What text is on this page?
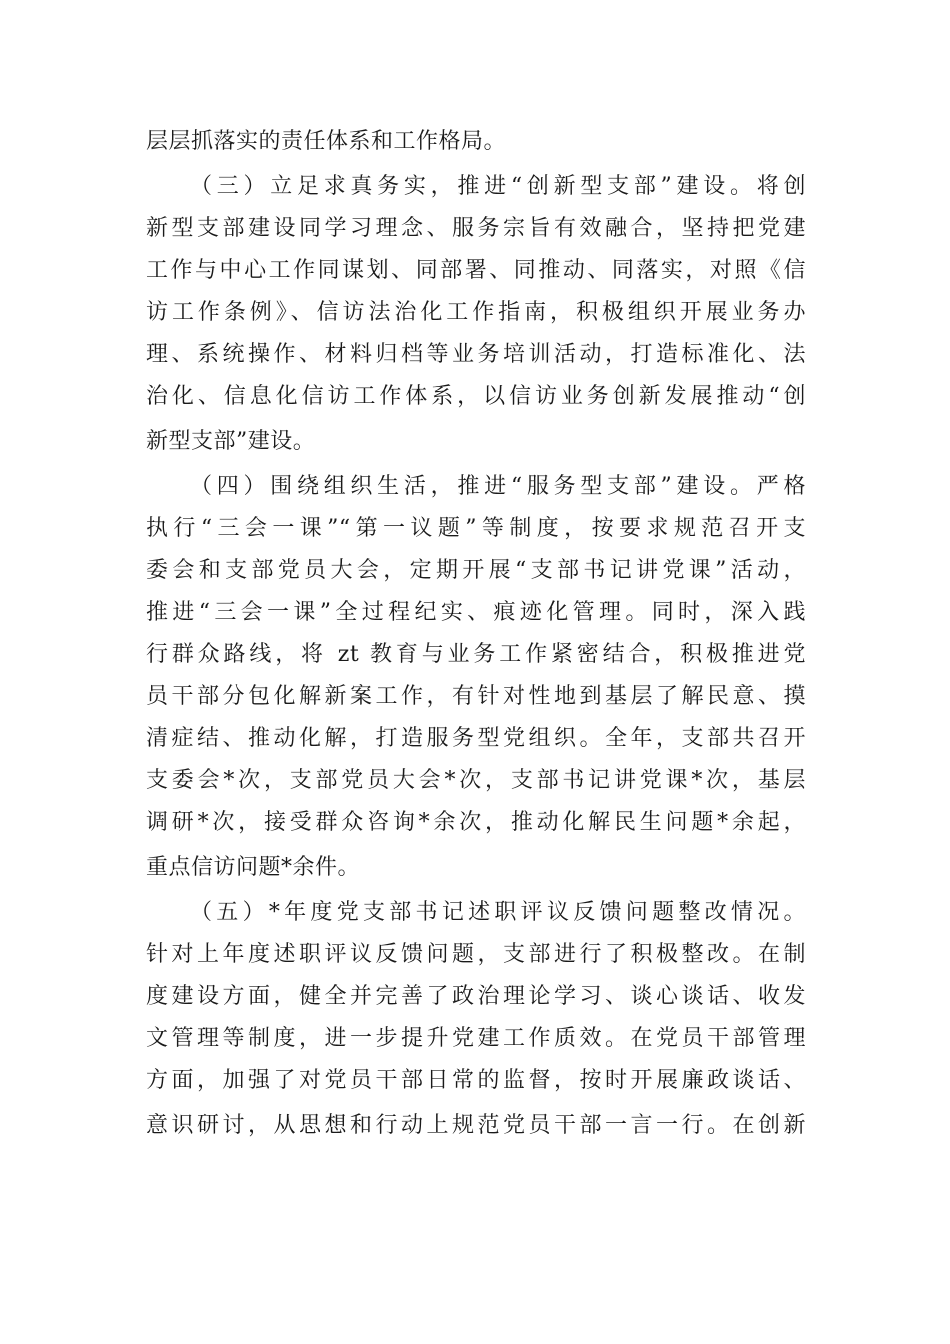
层层抓落实的责任体系和工作格局。
（三）立足求真务实，推进“创新型支部”建设。将创
新型支部建设同学习理念、服务宗旨有效融合，坚持把党建
工作与中心工作同谋划、同部署、同推动、同落实，对照《信
访工作条例》、信访法治化工作指南，积极组织开展业务办
理、系统操作、材料归档等业务培训活动，打造标准化、法
治化、信息化信访工作体系，以信访业务创新发展推动“创
新型支部”建设。
（四）围绕组织生活，推进“服务型支部”建设。严格
执行“三会一课”“第一议题”等制度，按要求规范召开支
委会和支部党员大会，定期开展“支部书记讲党课”活动，
推进“三会一课”全过程纪实、痕迹化管理。同时，深入践
行群众路线，将 zt 教育与业务工作紧密结合，积极推进党
员干部分包化解新案工作，有针对性地到基层了解民意、摸
清症结、推动化解，打造服务型党组织。全年，支部共召开
支委会*次，支部党员大会*次，支部书记讲党课*次，基层
调研*次，接受群众咨询*余次，推动化解民生问题*余起，
重点信访问题*余件。
（五）*年度党支部书记述职评议反馈问题整改情况。
针对上年度述职评议反馈问题，支部进行了积极整改。在制
度建设方面，健全并完善了政治理论学习、谈心谈话、收发
文管理等制度，进一步提升党建工作质效。在党员干部管理
方面，加强了对党员干部日常的监督，按时开展廉政谈话、
意识研讨，从思想和行动上规范党员干部一言一行。在创新
